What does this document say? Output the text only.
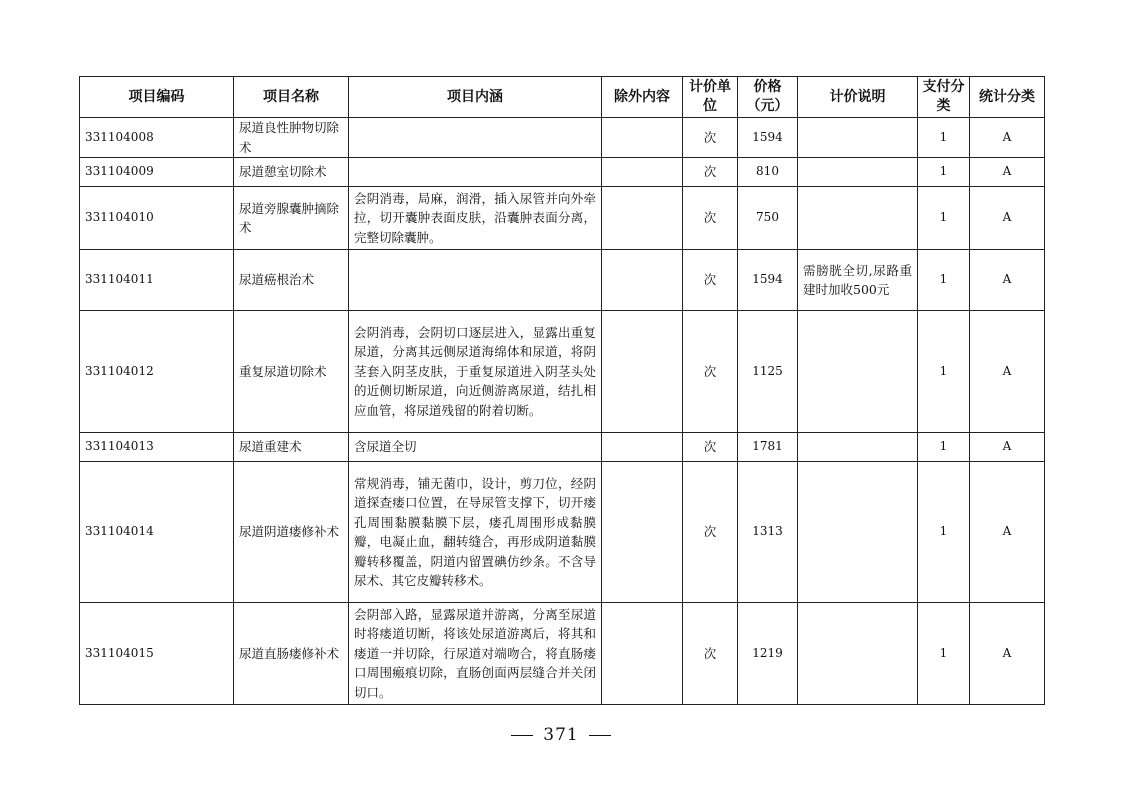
项目编码	项目名称	项目内涵	除外内容	计价单位	价格（元）	计价说明	支付分类	统计分类
331104008	尿道良性肿物切除术			次	1594		1	A
331104009	尿道憩室切除术			次	810		1	A
331104010	尿道旁腺囊肿摘除术	会阴消毒，局麻，润滑，插入尿管并向外牵拉，切开囊肿表面皮肤，沿囊肿表面分离，完整切除囊肿。		次	750		1	A
331104011	尿道癌根治术			次	1594	需膀胱全切,尿路重建时加收500元	1	A
331104012	重复尿道切除术	会阴消毒，会阴切口逐层进入，显露出重复尿道，分离其远侧尿道海绵体和尿道，将阴茎套入阴茎皮肤，于重复尿道进入阴茎头处的近侧切断尿道，向近侧游离尿道，结扎相应血管，将尿道残留的附着切断。		次	1125		1	A
331104013	尿道重建术	含尿道全切		次	1781		1	A
331104014	尿道阴道瘘修补术	常规消毒，铺无菌巾，设计，剪刀位，经阴道探查瘘口位置，在导尿管支撑下，切开瘘孔周围黏膜黏膜下层，瘘孔周围形成黏膜瓣，电凝止血，翻转缝合，再形成阴道黏膜瓣转移覆盖，阴道内留置碘仿纱条。不含导尿术、其它皮瓣转移术。		次	1313		1	A
331104015	尿道直肠瘘修补术	会阴部入路，显露尿道并游离，分离至尿道时将瘘道切断，将该处尿道游离后，将其和瘘道一并切除，行尿道对端吻合，将直肠瘘口周围瘢痕切除，直肠创面两层缝合并关闭切口。		次	1219		1	A
371
